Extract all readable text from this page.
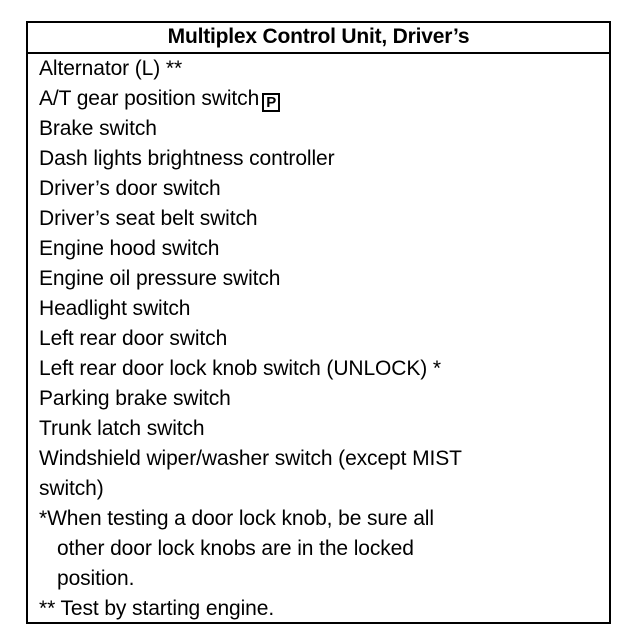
Multiplex Control Unit, Driver’s
Alternator (L) **
A/T gear position switch P
Brake switch
Dash lights brightness controller
Driver’s door switch
Driver’s seat belt switch
Engine hood switch
Engine oil pressure switch
Headlight switch
Left rear door switch
Left rear door lock knob switch (UNLOCK) *
Parking brake switch
Trunk latch switch
Windshield wiper/washer switch (except MIST
switch)
*When testing a door lock knob, be sure all
other door lock knobs are in the locked
position.
** Test by starting engine.
